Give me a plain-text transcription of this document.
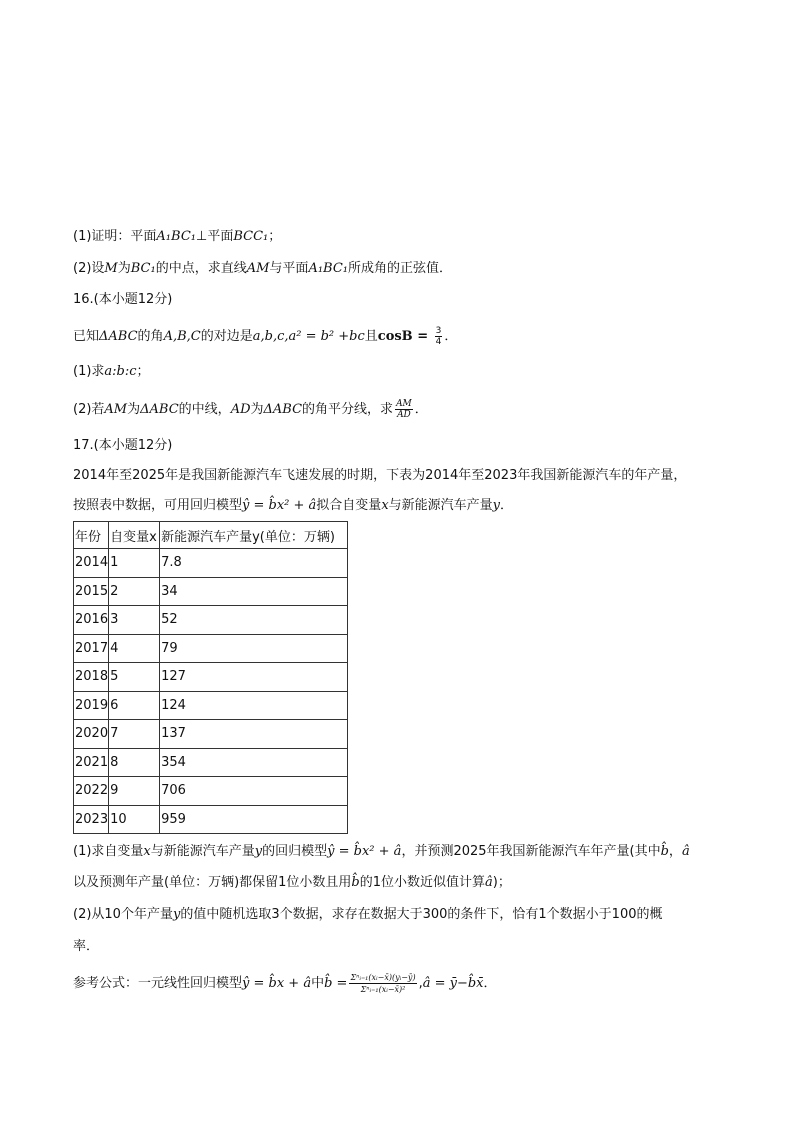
(1)证明：平面A₁BC₁⊥平面BCC₁；
(2)设M为BC₁的中点，求直线AM与平面A₁BC₁所成角的正弦值．
16.(本小题12分)
已知ΔABC的角A,B,C的对边是a,b,c,a² = b² +bc且$\cos B = \frac{3}{4}$ ．
(1)求a:b:c；
(2)若AM为ΔABC的中线，AD为ΔABC的角平分线，求 $\frac{AM}{AD}$ ．
17.(本小题12分)
2014年至2025年是我国新能源汽车飞速发展的时期，下表为2014年至2023年我国新能源汽车的年产量，
按照表中数据，可用回归模型ŷ = b̂x² + â拟合自变量x与新能源汽车产量y．
年份	自变量x	新能源汽车产量y(单位：万辆)
2014	1	7.8
2015	2	34
2016	3	52
2017	4	79
2018	5	127
2019	6	124
2020	7	137
2021	8	354
2022	9	706
2023	10	959
(1)求自变量x与新能源汽车产量y的回归模型ŷ = b̂x² + â，并预测2025年我国新能源汽车年产量(其中b̂，â
以及预测年产量(单位：万辆)都保留1位小数且用b̂的1位小数近似值计算â)；
(2)从10个年产量y的值中随机选取3个数据，求存在数据大于300的条件下，恰有1个数据小于100的概
率．
参考公式：一元线性回归模型ŷ = b̂x + â中b̂ = $\frac{\text{Σⁿᵢ₌₁(xᵢ−x̄)(yᵢ−ȳ)}}{\text{Σⁿᵢ₌₁(xᵢ−x̄)²}}$ ,â = ȳ−b̂x̄．
